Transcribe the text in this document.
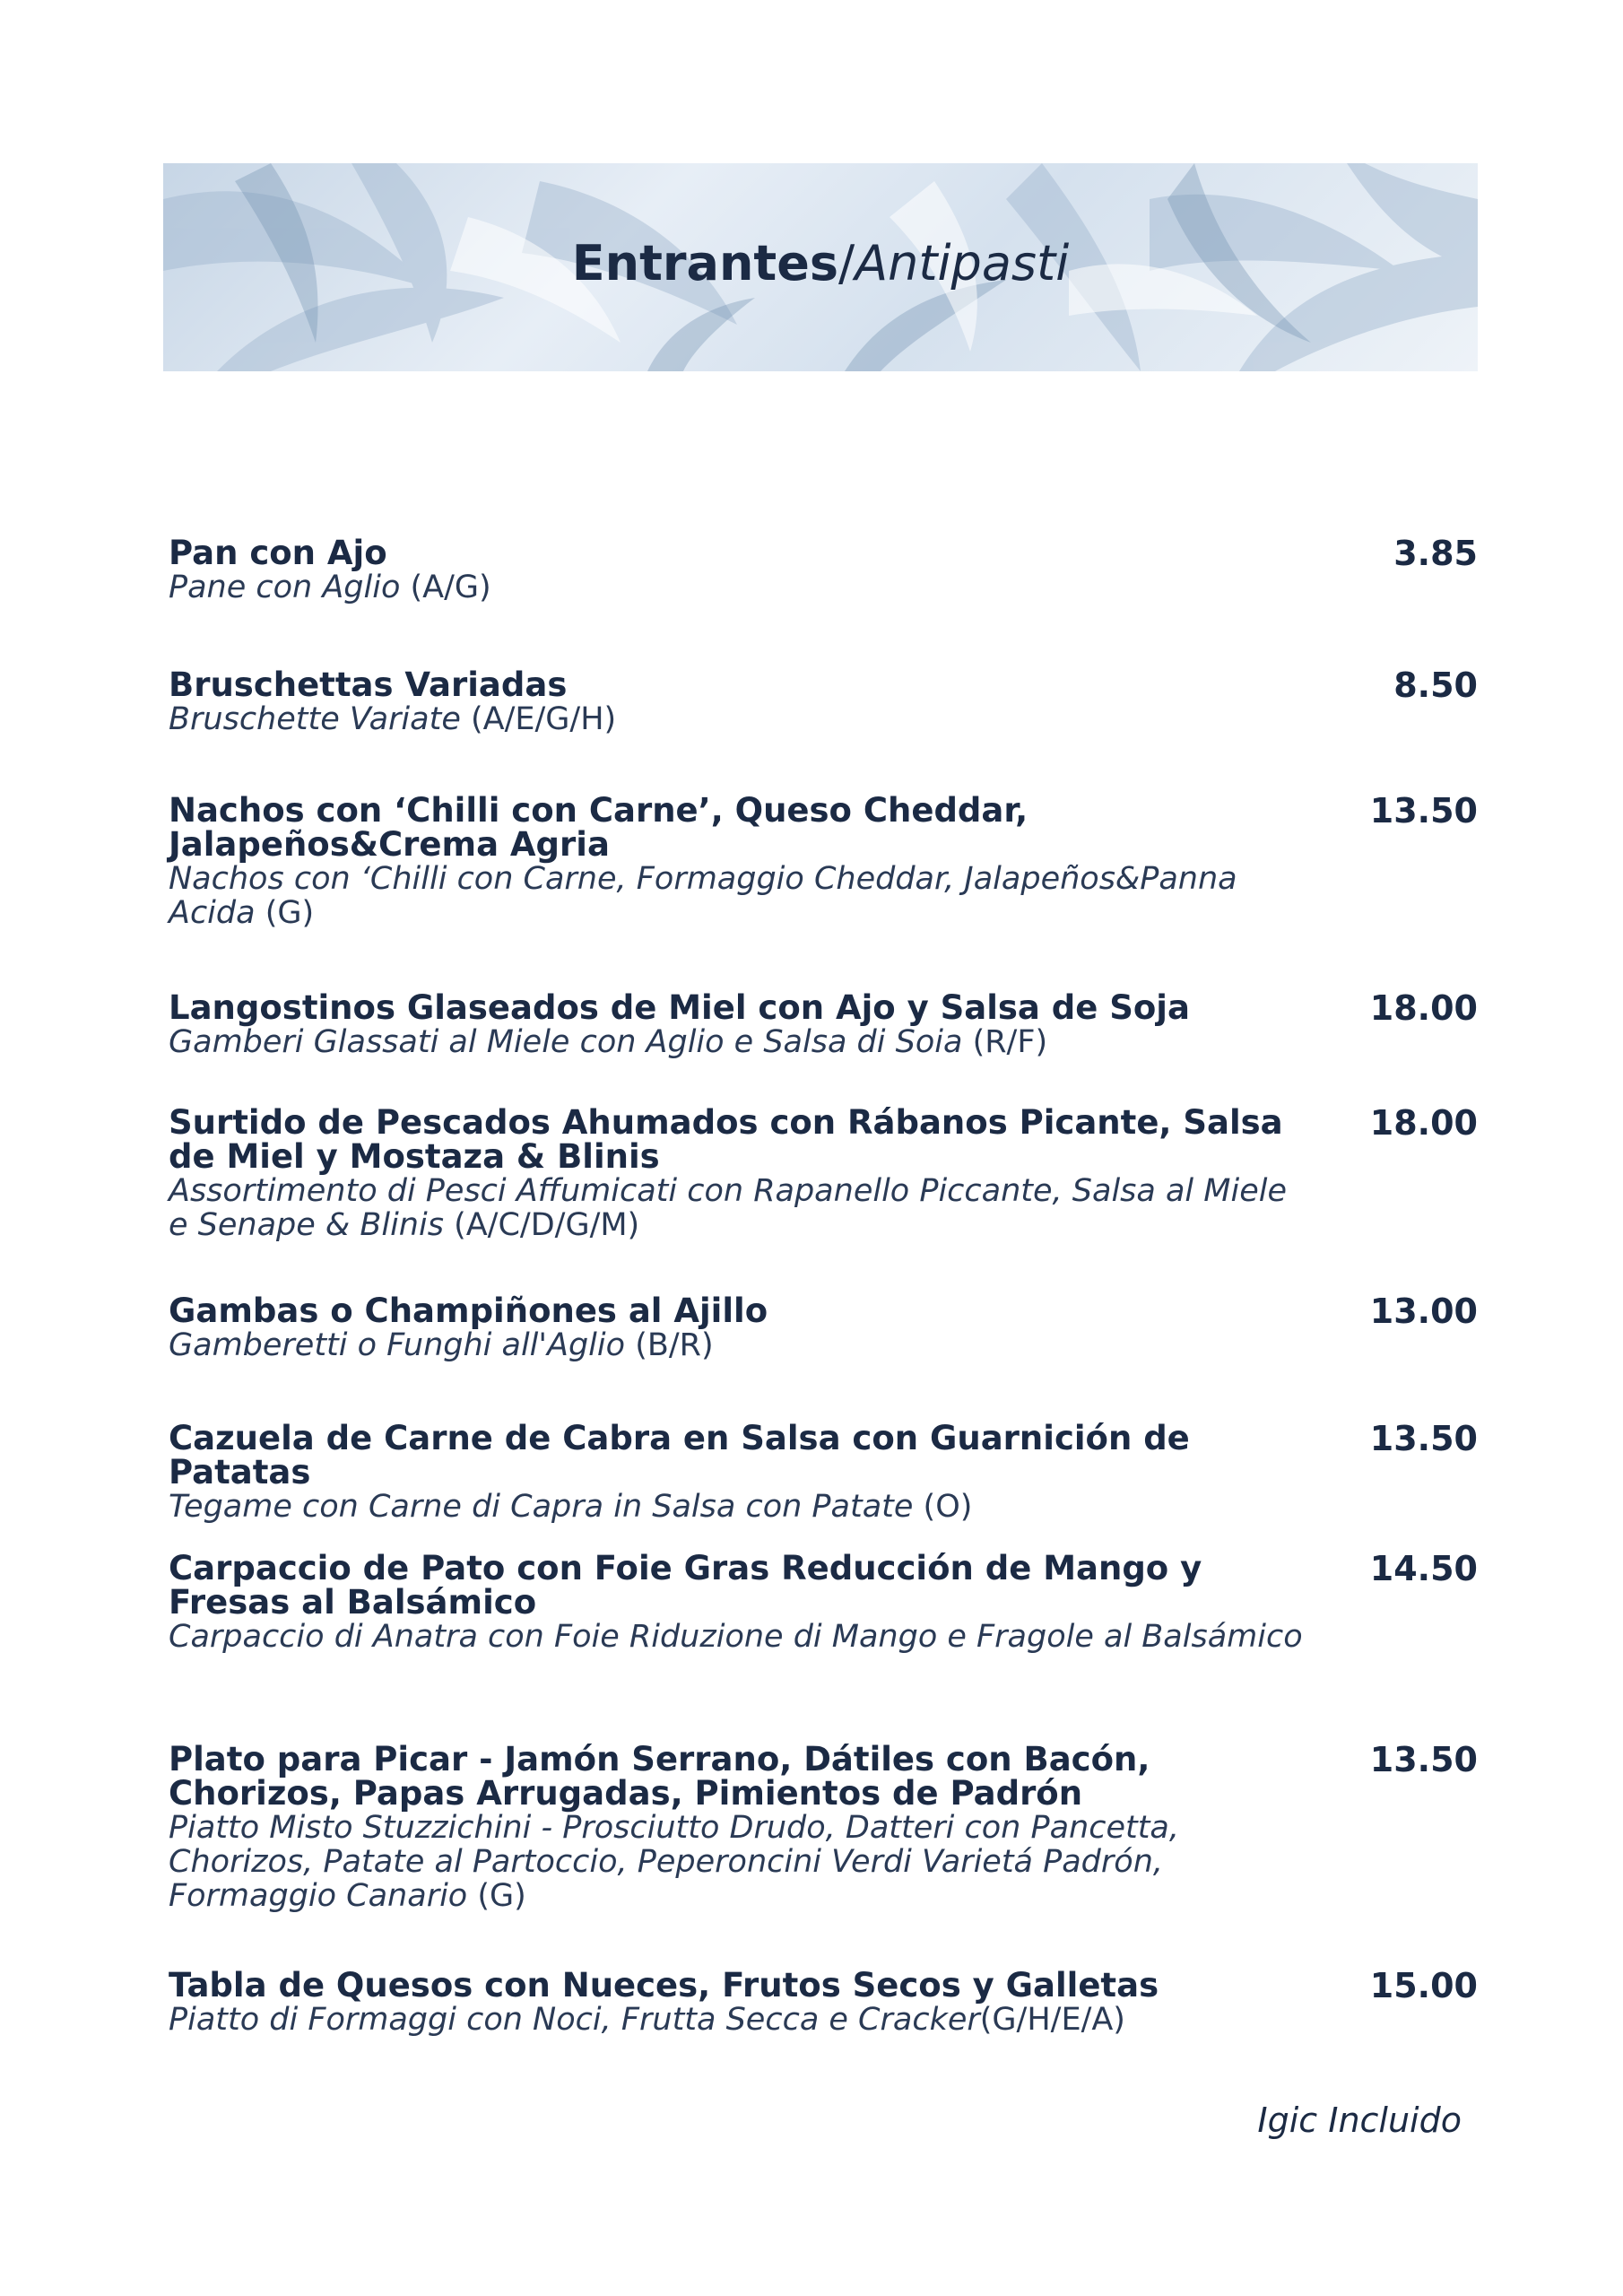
Entrantes/Antipasti
Pan con Ajo
Pane con Aglio (A/G)
3.85
Bruschettas Variadas
Bruschette Variate (A/E/G/H)
8.50
Nachos con ‘Chilli con Carne’, Queso Cheddar, Jalapeños&Crema Agria
Nachos con ‘Chilli con Carne, Formaggio Cheddar, Jalapeños&Panna Acida (G)
13.50
Langostinos Glaseados de Miel con Ajo y Salsa de Soja
Gamberi Glassati al Miele con Aglio e Salsa di Soia (R/F)
18.00
Surtido de Pescados Ahumados con Rábanos Picante, Salsa de Miel y Mostaza & Blinis
Assortimento di Pesci Affumicati con Rapanello Piccante, Salsa al Miele e Senape & Blinis (A/C/D/G/M)
18.00
Gambas o Champiñones al Ajillo
Gamberetti o Funghi all'Aglio (B/R)
13.00
Cazuela de Carne de Cabra en Salsa con Guarnición de Patatas
Tegame con Carne di Capra in Salsa con Patate (O)
13.50
Carpaccio de Pato con Foie Gras Reducción de Mango y Fresas al Balsámico
Carpaccio di Anatra con Foie Riduzione di Mango e Fragole al Balsámico
14.50
Plato para Picar - Jamón Serrano, Dátiles con Bacón, Chorizos, Papas Arrugadas, Pimientos de Padrón
Piatto Misto Stuzzichini - Prosciutto Drudo, Datteri con Pancetta, Chorizos, Patate al Partoccio, Peperoncini Verdi Varietá Padrón, Formaggio Canario (G)
13.50
Tabla de Quesos con Nueces, Frutos Secos y Galletas
Piatto di Formaggi con Noci, Frutta Secca e Cracker(G/H/E/A)
15.00
Igic Incluido
